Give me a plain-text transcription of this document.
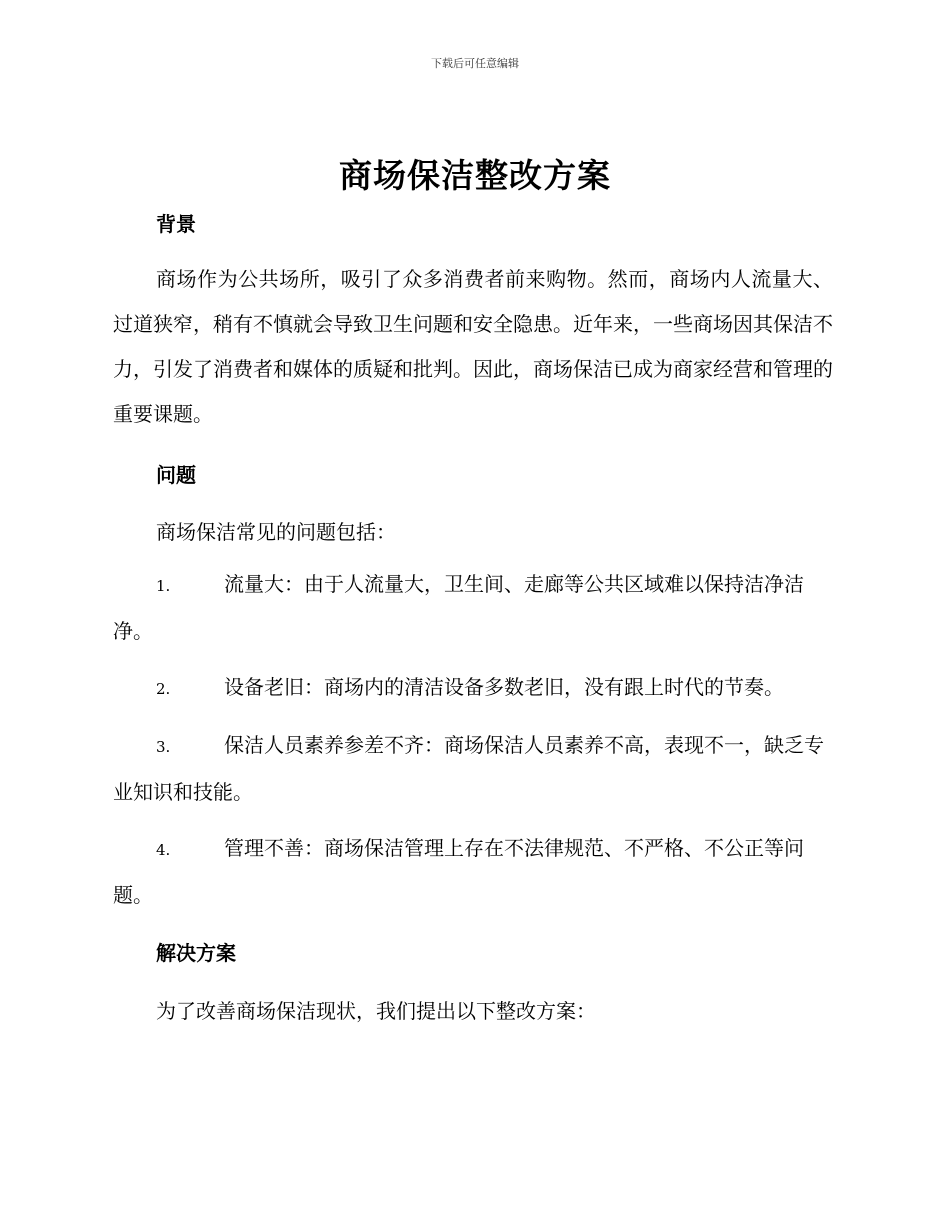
下载后可任意编辑
商场保洁整改方案
背景
商场作为公共场所，吸引了众多消费者前来购物。然而，商场内人流量大、过道狭窄，稍有不慎就会导致卫生问题和安全隐患。近年来，一些商场因其保洁不力，引发了消费者和媒体的质疑和批判。因此，商场保洁已成为商家经营和管理的重要课题。
问题
商场保洁常见的问题包括：
1.	流量大：由于人流量大，卫生间、走廊等公共区域难以保持洁净洁净。
2.	设备老旧：商场内的清洁设备多数老旧，没有跟上时代的节奏。
3.	保洁人员素养参差不齐：商场保洁人员素养不高，表现不一，缺乏专业知识和技能。
4.	管理不善：商场保洁管理上存在不法律规范、不严格、不公正等问题。
解决方案
为了改善商场保洁现状，我们提出以下整改方案：
